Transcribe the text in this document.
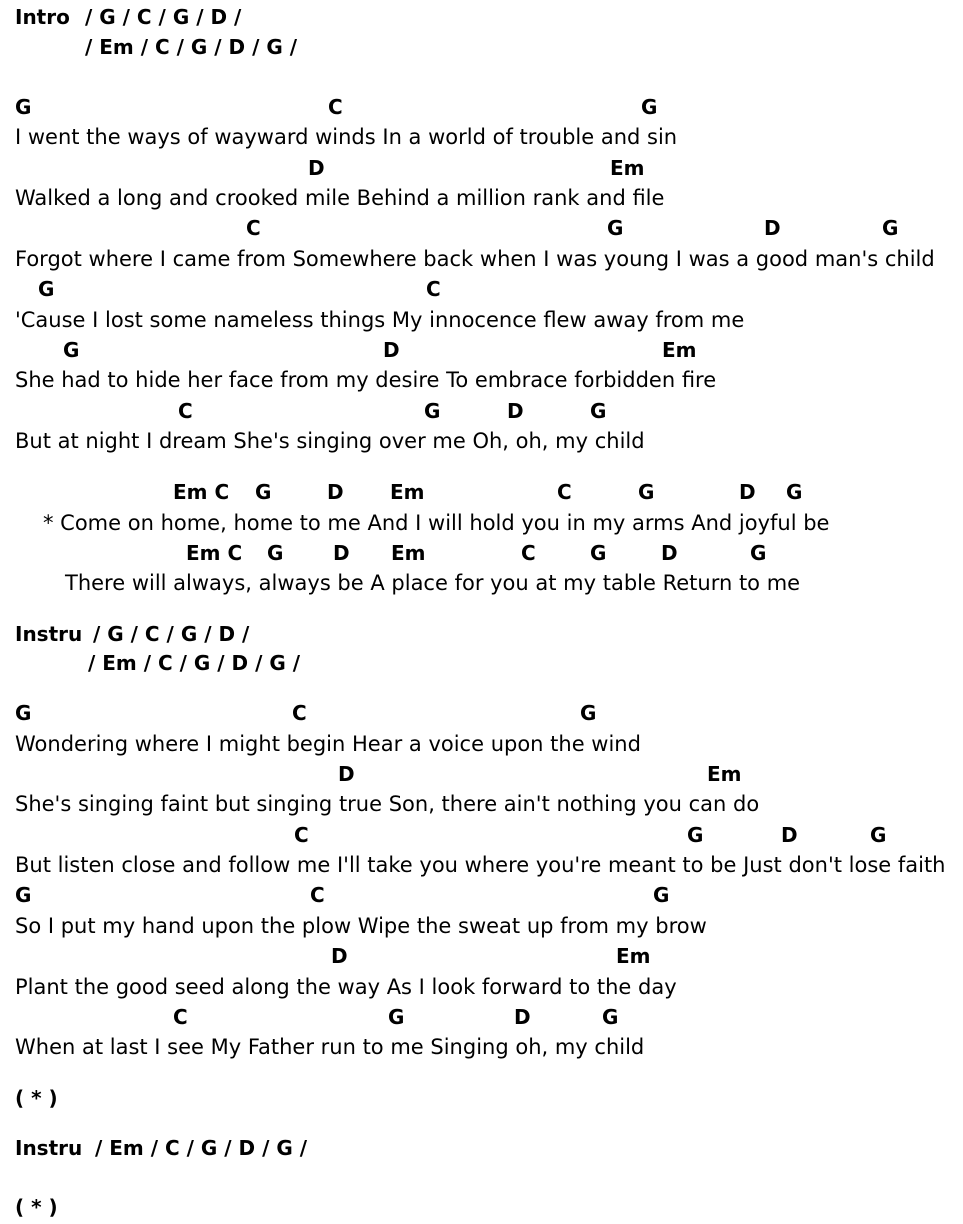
Intro / G / C / G / D /
/ Em / C / G / D / G /
G	C	G
I went the ways of wayward winds In a world of trouble and sin
D	Em
Walked a long and crooked mile Behind a million rank and file
C	G	D	G
Forgot where I came from Somewhere back when I was young I was a good man's child
G	C
'Cause I lost some nameless things My innocence flew away from me
G	D	Em
She had to hide her face from my desire To embrace forbidden fire
C	G	D	G
But at night I dream She's singing over me Oh, oh, my child
Em C G	D Em	C	G	D G
* Come on home, home to me And I will hold you in my arms And joyful be
Em C G D Em	C	G	D	G
There will always, always be A place for you at my table Return to me
Instru / G / C / G / D /
/ Em / C / G / D / G /
G	C	G
Wondering where I might begin Hear a voice upon the wind
D	Em
She's singing faint but singing true Son, there ain't nothing you can do
C	G	D	G
But listen close and follow me I'll take you where you're meant to be Just don't lose faith
G	C	G
So I put my hand upon the plow Wipe the sweat up from my brow
D	Em
Plant the good seed along the way As I look forward to the day
C	G	D	G
When at last I see My Father run to me Singing oh, my child
( * )
Instru / Em / C / G / D / G /
( * )
